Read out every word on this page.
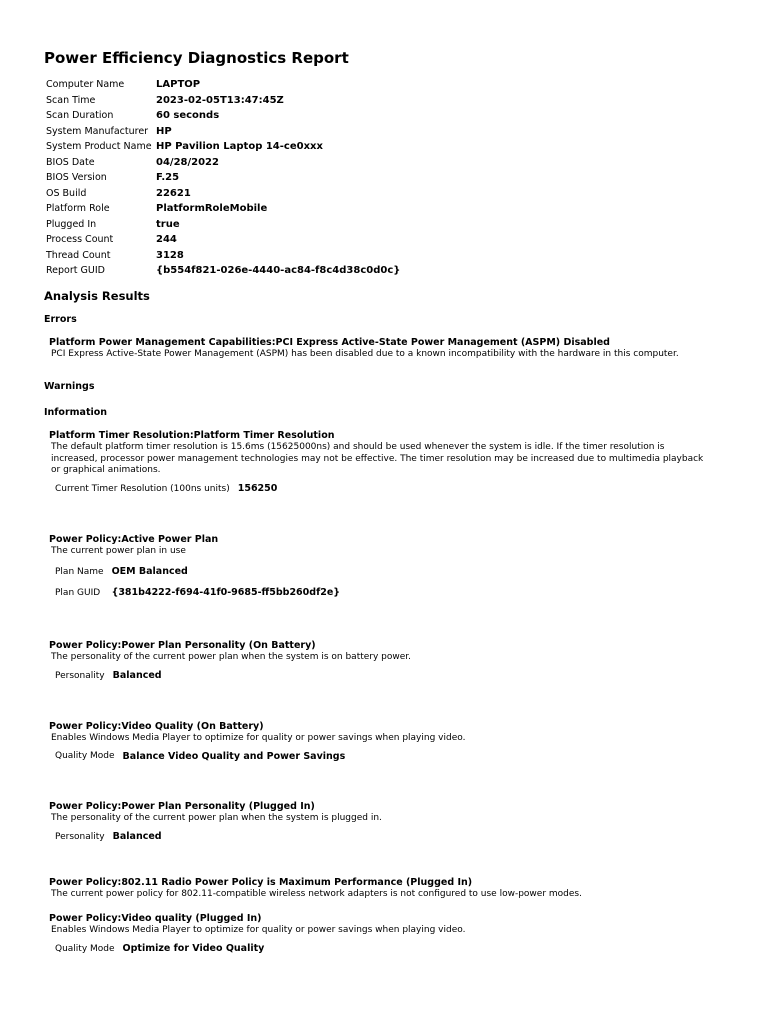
Power Efficiency Diagnostics Report
Computer Name	LAPTOP
Scan Time	2023-02-05T13:47:45Z
Scan Duration	60 seconds
System Manufacturer	HP
System Product Name	HP Pavilion Laptop 14-ce0xxx
BIOS Date	04/28/2022
BIOS Version	F.25
OS Build	22621
Platform Role	PlatformRoleMobile
Plugged In	true
Process Count	244
Thread Count	3128
Report GUID	{b554f821-026e-4440-ac84-f8c4d38c0d0c}
Analysis Results
Errors
Platform Power Management Capabilities:PCI Express Active-State Power Management (ASPM) Disabled
PCI Express Active-State Power Management (ASPM) has been disabled due to a known incompatibility with the hardware in this computer.
Warnings
Information
Platform Timer Resolution:Platform Timer Resolution
The default platform timer resolution is 15.6ms (15625000ns) and should be used whenever the system is idle. If the timer resolution is increased, processor power management technologies may not be effective. The timer resolution may be increased due to multimedia playback or graphical animations.
Current Timer Resolution (100ns units)	156250
Power Policy:Active Power Plan
The current power plan in use
Plan Name	OEM Balanced
Plan GUID	{381b4222-f694-41f0-9685-ff5bb260df2e}
Power Policy:Power Plan Personality (On Battery)
The personality of the current power plan when the system is on battery power.
Personality	Balanced
Power Policy:Video Quality (On Battery)
Enables Windows Media Player to optimize for quality or power savings when playing video.
Quality Mode	Balance Video Quality and Power Savings
Power Policy:Power Plan Personality (Plugged In)
The personality of the current power plan when the system is plugged in.
Personality	Balanced
Power Policy:802.11 Radio Power Policy is Maximum Performance (Plugged In)
The current power policy for 802.11-compatible wireless network adapters is not configured to use low-power modes.
Power Policy:Video quality (Plugged In)
Enables Windows Media Player to optimize for quality or power savings when playing video.
Quality Mode	Optimize for Video Quality
